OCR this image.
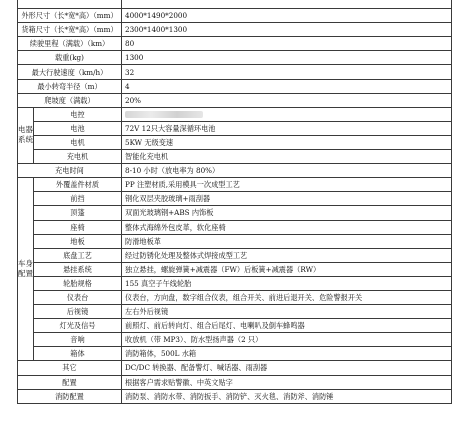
外形尺寸（长*宽*高）（mm）		4000*1490*2000
货箱尺寸（长*宽*高）（mm）		2300*1400*1300
续驶里程（满载）（km）		80
载重(kg)		1300
最大行驶速度（km/h）		32
最小转弯半径（m）		4
爬坡度（满载）		20%
电器系统	电控	
	电池	72V 12只大容量深循环电池
	电机	5KW 无级变速
	充电机	智能化充电机
充电时间		8-10 小时（放电率为 80%）
车身配置	外覆盖件材质	PP 注塑材质,采用模具一次成型工艺
	前挡	钢化双层夹胶玻璃+雨刮器
	顶篷	双面光玻璃钢+ABS 内饰板
	座椅	整体式海绵外包皮革，软化座椅
	地板	防滑地板革
	底盘工艺	经过防锈化处理及整体式焊接成型工艺
	悬挂系统	独立悬挂，螺旋弹簧+减震器（FW）后板簧+减震器（RW）
	轮胎规格	155 真空子午线轮胎
	仪表台	仪表台，方向盘，数字组合仪表，组合开关、前进后退开关、危险警报开关
	后视镜	左右外后视镜
	灯光及信号	前照灯、前后转向灯、组合后尾灯、电喇叭及倒车蜂鸣器
	音响	收放机（带 MP3）、防水型扬声器（2 只）
	箱体	消防箱体，500L 水箱
其它		DC/DC 转换器、配备警灯、喊话器、雨刮器
配置		根据客户需求贴警徽、中英文贴字
消防配置		消防泵、消防水带、消防扳手、消防铲、灭火毯、消防斧、消防锤
